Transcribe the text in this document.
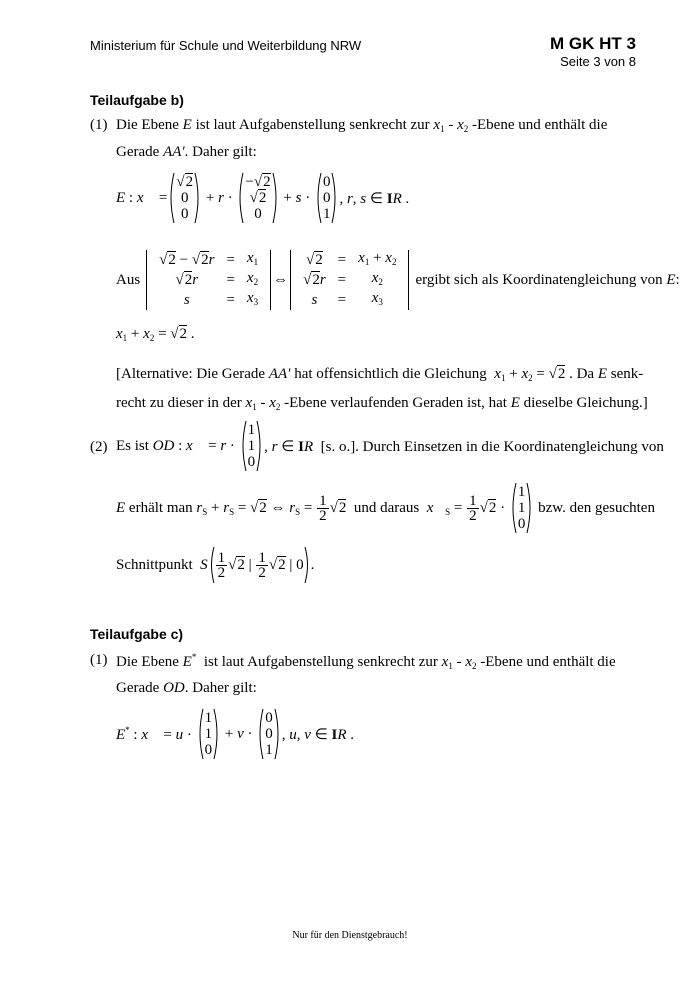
Ministerium für Schule und Weiterbildung NRW	M GK HT 3
Seite 3 von 8
Teilaufgabe b)
(1) Die Ebene E ist laut Aufgabenstellung senkrecht zur $x_1 - x_2$ -Ebene und enthält die
Gerade AA′. Daher gilt:
E : x⃗ =
√2
0
0
+ r ·
−√2
√2
0
+ s ·
0
0
1
, r, s ∈ IR .
Aus
√2 − √2r	=	$x_1$
√2r	=	$x_2$
s	=	$x_3$
⇔
√2	=	$x_1 + x_2$
√2r	=	$x_2$
s	=	$x_3$
ergibt sich als Koordinatengleichung von E:
$x_1 + x_2 = √2$ .
[Alternative: Die Gerade AA′ hat offensichtlich die Gleichung  $x_1 + x_2 = √2$ . Da E senk-
recht zu dieser in der $x_1 - x_2$ -Ebene verlaufenden Geraden ist, hat E dieselbe Gleichung.]
(2) Es ist OD : x⃗ = r ·
1
1
0
, r ∈ IR  [s. o.]. Durch Einsetzen in die Koordinatengleichung von
E erhält man $r_S + r_S = √2$ ⇔ $r_S = \frac{1}{2} √2$  und daraus  $x⃗_S = \frac{1}{2} √2$ ·
1
1
0
bzw. den gesuchten
Schnittpunkt  S $\frac{1}{2} √2$ | $\frac{1}{2} √2$ | 0 .
Teilaufgabe c)
(1) Die Ebene E*  ist laut Aufgabenstellung senkrecht zur $x_1 - x_2$ -Ebene und enthält die
Gerade OD. Daher gilt:
E* : x⃗ = u ·
1
1
0
+ v ·
0
0
1
, u, v ∈ IR .
Nur für den Dienstgebrauch!
